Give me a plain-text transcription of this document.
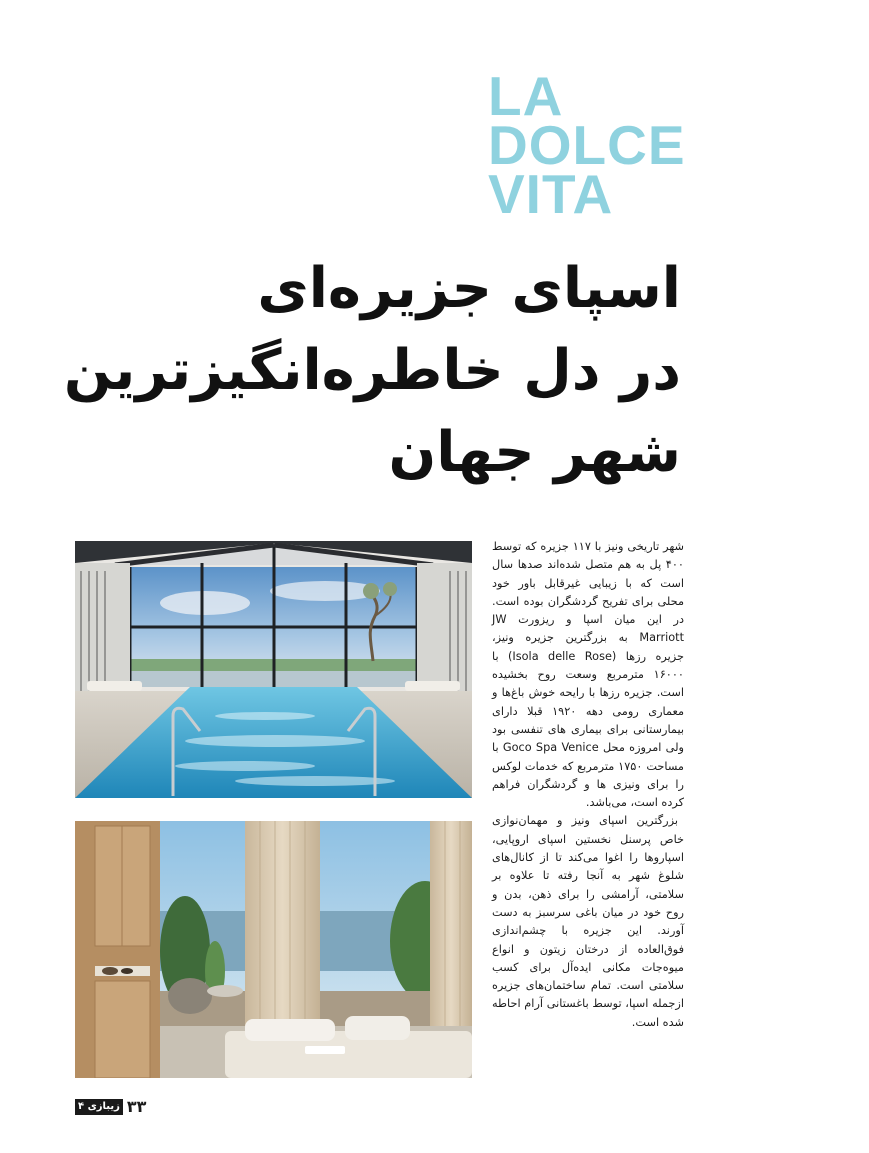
LA
DOLCE
VITA
اسپای جزیره‌ای
در دل خاطره‌انگیزترین
شهر جهان

شهر تاریخی ونیز با ۱۱۷ جزیره که توسط ۴۰۰ پل به هم متصل شده‌اند صدها سال است که با زیبایی غیرقابل باور خود محلی برای تفریح گردشگران بوده است. در این میان اسپا و ریزورت JW Marriott به بزرگترین جزیره ونیز، جزیره رزها (Isola delle Rose) با ۱۶۰۰۰ مترمربع وسعت روح بخشیده است. جزیره رزها با رایحه خوش باغ‌ها و معماری رومی دهه ۱۹۲۰ قبلا دارای بیمارستانی برای بیماری های تنفسی بود ولی امروزه محل Goco Spa Venice با مساحت ۱۷۵۰ مترمربع که خدمات لوکس را برای ونیزی ها و گردشگران فراهم کرده است، می‌باشد.

بزرگترین اسپای ونیز و مهمان‌نوازی خاص پرسنل نخستین اسپای اروپایی، اسپاروها را اغوا می‌کند تا از کانال‌های شلوغ شهر به آنجا رفته تا علاوه بر سلامتی، آرامشی را برای ذهن، بدن و روح خود در میان باغی سرسبز به دست آورند. این جزیره با چشم‌اندازی فوق‌العاده از درختان زیتون و انواع میوه‌جات مکانی ایده‌آل برای کسب سلامتی است. تمام ساختمان‌های جزیره ازجمله اسپا، توسط باغستانی آرام احاطه شده است.

زیبازی ۴ ۳۳
